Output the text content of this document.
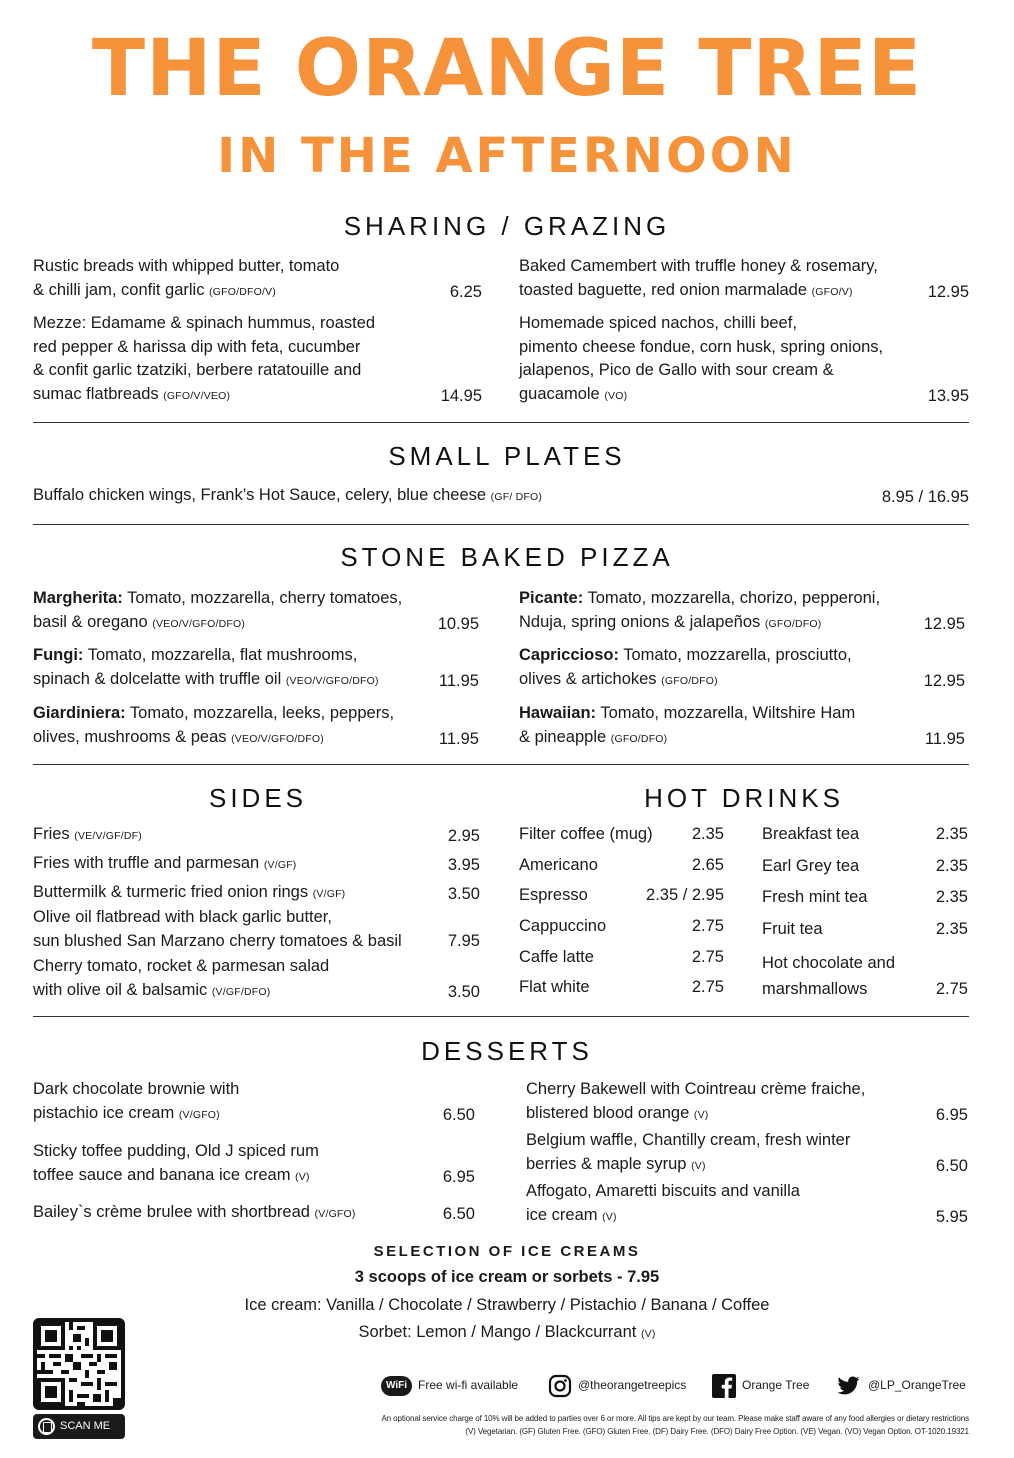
THE ORANGE TREE
IN THE AFTERNOON
SHARING / GRAZING
Rustic breads with whipped butter, tomato
& chilli jam, confit garlic (GFO/DFO/V)	6.25
Mezze: Edamame & spinach hummus, roasted
red pepper & harissa dip with feta, cucumber
& confit garlic tzatziki, berbere ratatouille and
sumac flatbreads (GFO/V/VEO)	14.95
Baked Camembert with truffle honey & rosemary,
toasted baguette, red onion marmalade (GFO/V)	12.95
Homemade spiced nachos, chilli beef,
pimento cheese fondue, corn husk, spring onions,
jalapenos, Pico de Gallo with sour cream &
guacamole (VO)	13.95
SMALL PLATES
Buffalo chicken wings, Frank’s Hot Sauce, celery, blue cheese (GF/ DFO)	8.95 / 16.95
STONE BAKED PIZZA
Margherita: Tomato, mozzarella, cherry tomatoes,
basil & oregano (VEO/V/GFO/DFO)	10.95
Fungi: Tomato, mozzarella, flat mushrooms,
spinach & dolcelatte with truffle oil (VEO/V/GFO/DFO)	11.95
Giardiniera: Tomato, mozzarella, leeks, peppers,
olives, mushrooms & peas (VEO/V/GFO/DFO)	11.95
Picante: Tomato, mozzarella, chorizo, pepperoni,
Nduja, spring onions & jalapeños (GFO/DFO)	12.95
Capriccioso: Tomato, mozzarella, prosciutto,
olives & artichokes (GFO/DFO)	12.95
Hawaiian: Tomato, mozzarella, Wiltshire Ham
& pineapple (GFO/DFO)	11.95
SIDES
Fries (VE/V/GF/DF)	2.95
Fries with truffle and parmesan (V/GF)	3.95
Buttermilk & turmeric fried onion rings (V/GF)	3.50
Olive oil flatbread with black garlic butter,
sun blushed San Marzano cherry tomatoes & basil	7.95
Cherry tomato, rocket & parmesan salad
with olive oil & balsamic (V/GF/DFO)	3.50
HOT DRINKS
Filter coffee (mug) 2.35
Americano	2.65
Espresso	2.35 / 2.95
Cappuccino	2.75
Caffe latte	2.75
Flat white	2.75
Breakfast tea	2.35
Earl Grey tea	2.35
Fresh mint tea	2.35
Fruit tea	2.35
Hot chocolate and
marshmallows	2.75
DESSERTS
Dark chocolate brownie with
pistachio ice cream (V/GFO)	6.50
Sticky toffee pudding, Old J spiced rum
toffee sauce and banana ice cream (V)	6.95
Bailey`s crème brulee with shortbread (V/GFO)	6.50
Cherry Bakewell with Cointreau crème fraiche,
blistered blood orange (V)	6.95
Belgium waffle, Chantilly cream, fresh winter
berries & maple syrup (V)	6.50
Affogato, Amaretti biscuits and vanilla
ice cream (V)	5.95
SELECTION OF ICE CREAMS
3 scoops of ice cream or sorbets - 7.95
Ice cream: Vanilla / Chocolate / Strawberry / Pistachio / Banana / Coffee
Sorbet: Lemon / Mango / Blackcurrant (V)
SCAN ME
WiFi Free wi-fi available	@theorangetreepics	Orange Tree	@LP_OrangeTree
An optional service charge of 10% will be added to parties over 6 or more. All tips are kept by our team. Please make staff aware of any food allergies or dietary restrictions
(V) Vegetarian. (GF) Gluten Free. (GFO) Gluten Free. (DF) Dairy Free. (DFO) Dairy Free Option. (VE) Vegan. (VO) Vegan Option. OT-1020.19321
